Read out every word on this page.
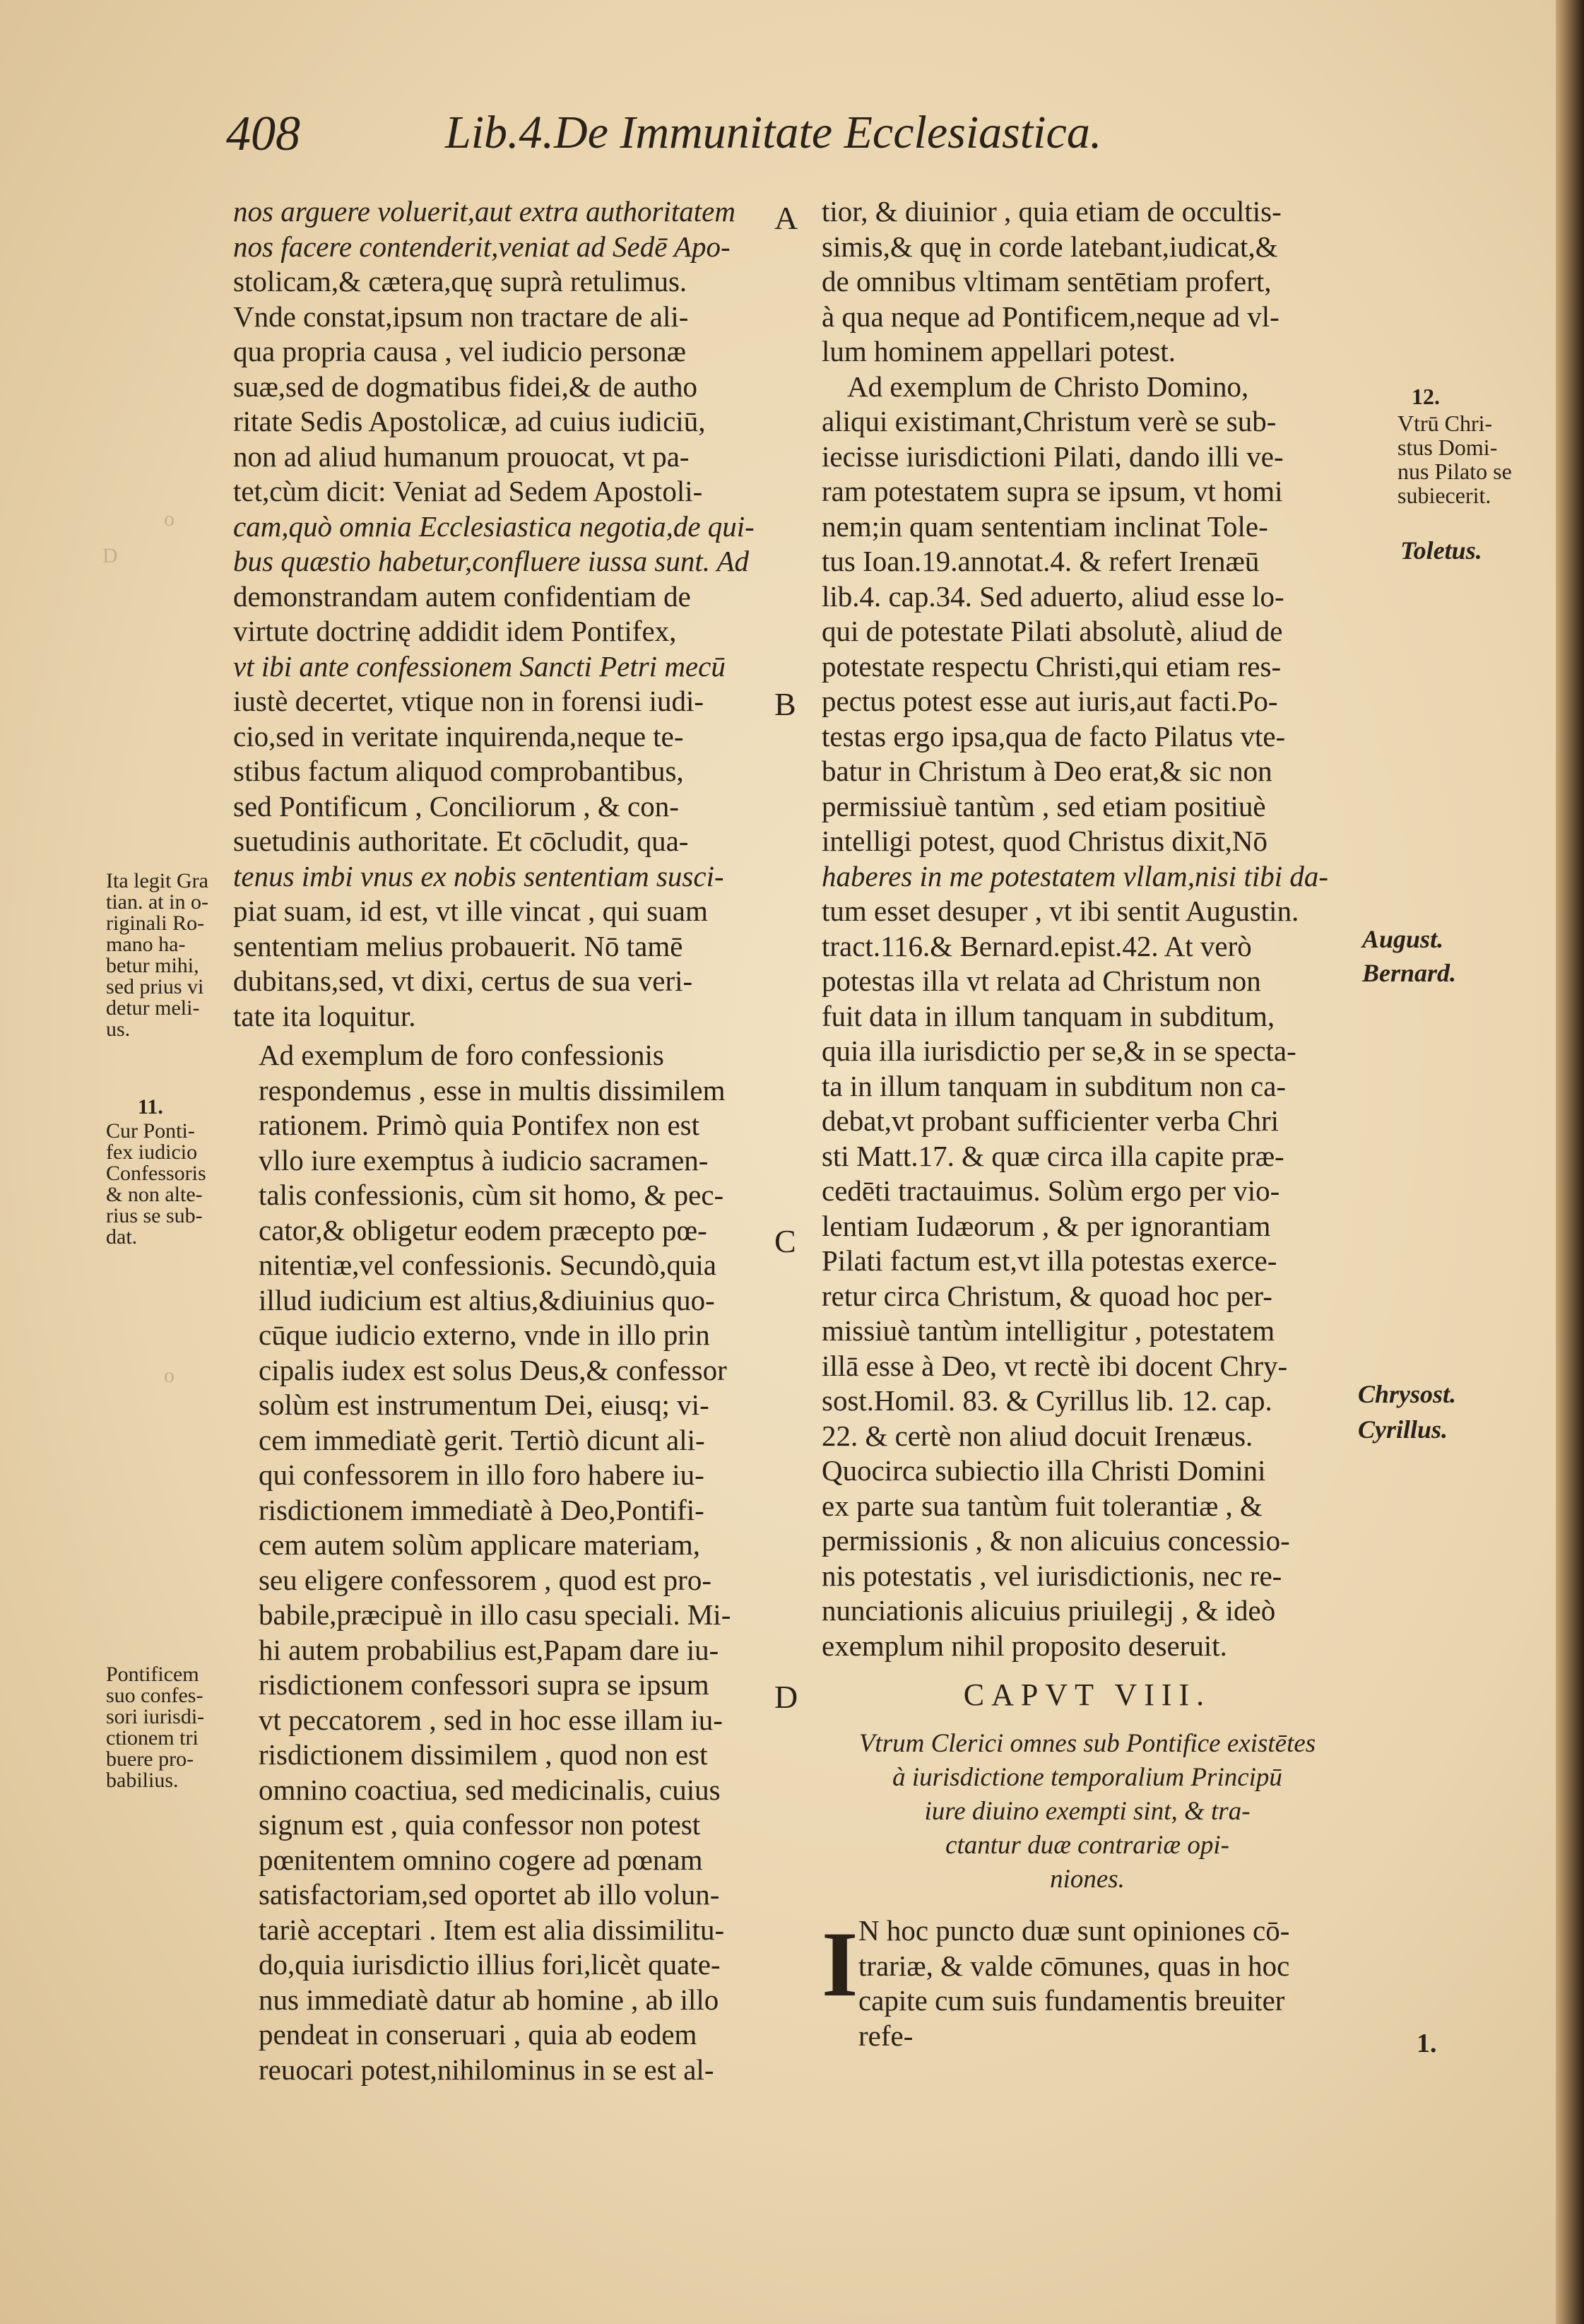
408	Lib.4.De Immunitate Ecclesiastica.

nos arguere voluerit,aut extra authoritatem
nos facere contenderit,veniat ad Sedē Apo-
stolicam,& cætera,quę suprà retulimus.
Vnde constat,ipsum non tractare de ali-
qua propria causa , vel iudicio personæ
suæ,sed de dogmatibus fidei,& de autho
ritate Sedis Apostolicæ, ad cuius iudiciū,
non ad aliud humanum prouocat, vt pa-
tet,cùm dicit: Veniat ad Sedem Apostoli-
cam,quò omnia Ecclesiastica negotia,de qui-
bus quæstio habetur,confluere iussa sunt. Ad
demonstrandam autem confidentiam de
virtute doctrinę addidit idem Pontifex,
vt ibi ante confessionem Sancti Petri mecū
iustè decertet, vtique non in forensi iudi-
cio,sed in veritate inquirenda,neque te-
stibus factum aliquod comprobantibus,
sed Pontificum , Conciliorum , & con-
suetudinis authoritate. Et cōcludit, qua-
tenus imbi vnus ex nobis sententiam susci-
piat suam, id est, vt ille vincat , qui suam
sententiam melius probauerit. Nō tamē
dubitans,sed, vt dixi, certus de sua veri-
tate ita loquitur.

Ad exemplum de foro confessionis
respondemus , esse in multis dissimilem
rationem. Primò quia Pontifex non est
vllo iure exemptus à iudicio sacramen-
talis confessionis, cùm sit homo, & pec-
cator,& obligetur eodem præcepto pœ-
nitentiæ,vel confessionis. Secundò,quia
illud iudicium est altius,&diuinius quo-
cūque iudicio externo, vnde in illo prin
cipalis iudex est solus Deus,& confessor
solùm est instrumentum Dei, eiusq; vi-
cem immediatè gerit. Tertiò dicunt ali-
qui confessorem in illo foro habere iu-
risdictionem immediatè à Deo,Pontifi-
cem autem solùm applicare materiam,
seu eligere confessorem , quod est pro-
babile,præcipuè in illo casu speciali. Mi-
hi autem probabilius est,Papam dare iu-
risdictionem confessori supra se ipsum
vt peccatorem , sed in hoc esse illam iu-
risdictionem dissimilem , quod non est
omnino coactiua, sed medicinalis, cuius
signum est , quia confessor non potest
pœnitentem omnino cogere ad pœnam
satisfactoriam,sed oportet ab illo volun-
tariè acceptari . Item est alia dissimilitu-
do,quia iurisdictio illius fori,licèt quate-
nus immediatè datur ab homine , ab illo
pendeat in conseruari , quia ab eodem
reuocari potest,nihilominus in se est al-

tior, & diuinior , quia etiam de occultis-
simis,& quę in corde latebant,iudicat,&
de omnibus vltimam sentētiam profert,
à qua neque ad Pontificem,neque ad vl-
lum hominem appellari potest.

Ad exemplum de Christo Domino,
aliqui existimant,Christum verè se sub-
iecisse iurisdictioni Pilati, dando illi ve-
ram potestatem supra se ipsum, vt homi
nem;in quam sententiam inclinat Tole-
tus Ioan.19.annotat.4. & refert Irenæū
lib.4. cap.34. Sed aduerto, aliud esse lo-
qui de potestate Pilati absolutè, aliud de
potestate respectu Christi,qui etiam res-
pectus potest esse aut iuris,aut facti.Po-
testas ergo ipsa,qua de facto Pilatus vte-
batur in Christum à Deo erat,& sic non
permissiuè tantùm , sed etiam positiuè
intelligi potest, quod Christus dixit,Nō
haberes in me potestatem vllam,nisi tibi da-
tum esset desuper , vt ibi sentit Augustin.
tract.116.& Bernard.epist.42. At verò
potestas illa vt relata ad Christum non
fuit data in illum tanquam in subditum,
quia illa iurisdictio per se,& in se specta-
ta in illum tanquam in subditum non ca-
debat,vt probant sufficienter verba Chri
sti Matt.17. & quæ circa illa capite præ-
cedēti tractauimus. Solùm ergo per vio-
lentiam Iudæorum , & per ignorantiam
Pilati factum est,vt illa potestas exerce-
retur circa Christum, & quoad hoc per-
missiuè tantùm intelligitur , potestatem
illā esse à Deo, vt rectè ibi docent Chry-
sost.Homil. 83. & Cyrillus lib. 12. cap.
22. & certè non aliud docuit Irenæus.
Quocirca subiectio illa Christi Domini
ex parte sua tantùm fuit tolerantiæ , &
permissionis , & non alicuius concessio-
nis potestatis , vel iurisdictionis, nec re-
nunciationis alicuius priuilegij , & ideò
exemplum nihil proposito deseruit.

CAPVT VIII.
Vtrum Clerici omnes sub Pontifice existētes
à iurisdictione temporalium Principū
iure diuino exempti sint, & tra-
ctantur duæ contrariæ opi-
niones.
I N hoc puncto duæ sunt opiniones cō-
trariæ, & valde cōmunes, quas in hoc
capite cum suis fundamentis breuiter
refe-
A
B
C
D
Ita legit Gra
tian. at in o-
riginali Ro-
mano ha-
betur mihi,
sed prius vi
detur meli-
us.
11.
Cur Ponti-
fex iudicio
Confessoris
& non alte-
rius se sub-
dat.
Pontificem
suo confes-
sori iurisdi-
ctionem tri
buere pro-
babilius.
12.
Vtrū Chri-
stus Domi-
nus Pilato se
subiecerit.
Toletus.
August.
Bernard.
Chrysost.
Cyrillus.
1.
o
D
o
